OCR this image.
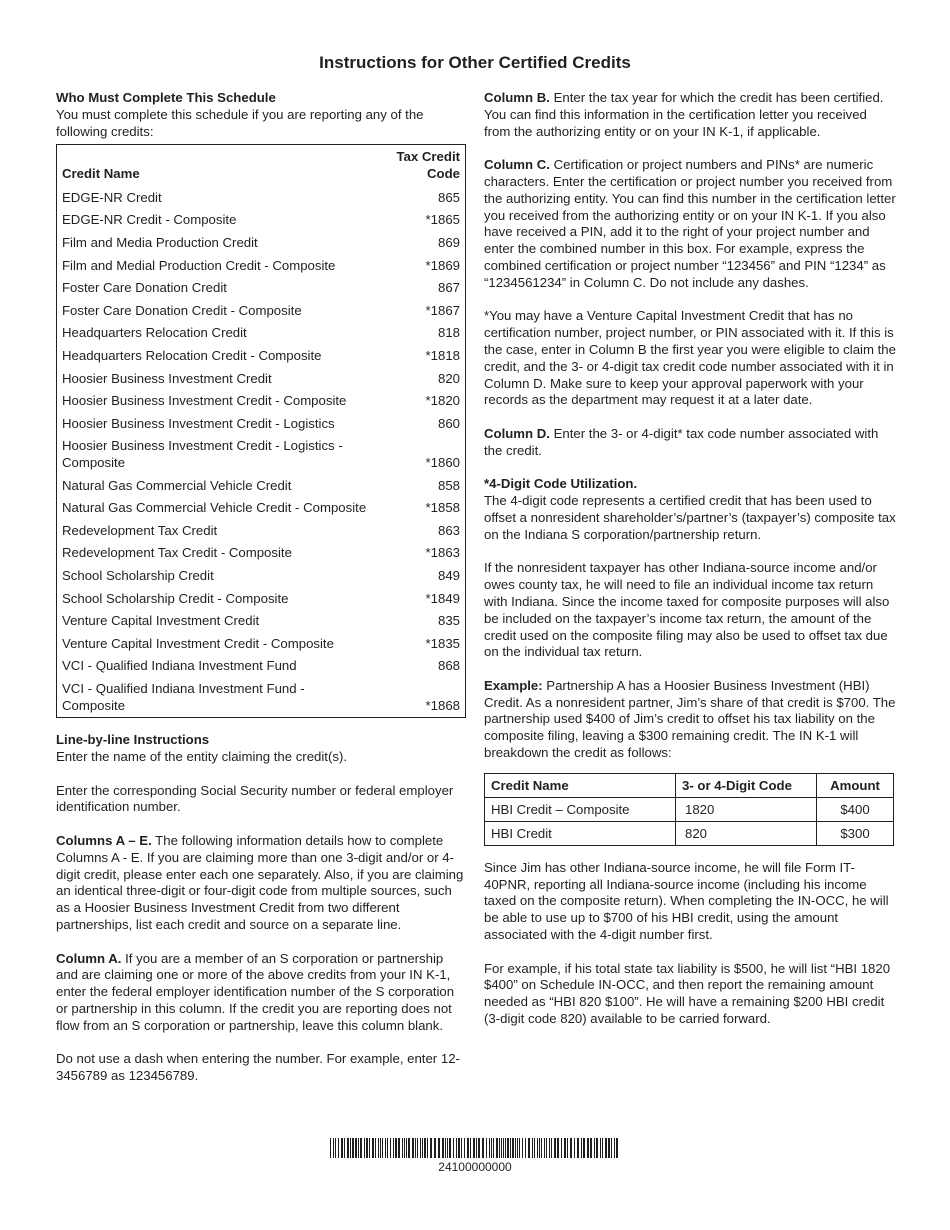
Instructions for Other Certified Credits

Who Must Complete This Schedule

You must complete this schedule if you are reporting any of the following credits:

Credit Name	Tax Credit Code
EDGE-NR Credit	865
EDGE-NR Credit - Composite	*1865
Film and Media Production Credit	869
Film and Medial Production Credit - Composite	*1869
Foster Care Donation Credit	867
Foster Care Donation Credit - Composite	*1867
Headquarters Relocation Credit	818
Headquarters Relocation Credit - Composite	*1818
Hoosier Business Investment Credit	820
Hoosier Business Investment Credit - Composite	*1820
Hoosier Business Investment Credit - Logistics	860
Hoosier Business Investment Credit - Logistics - Composite	*1860
Natural Gas Commercial Vehicle Credit	858
Natural Gas Commercial Vehicle Credit - Composite	*1858
Redevelopment Tax Credit	863
Redevelopment Tax Credit - Composite	*1863
School Scholarship Credit	849
School Scholarship Credit - Composite	*1849
Venture Capital Investment Credit	835
Venture Capital Investment Credit - Composite	*1835
VCI - Qualified Indiana Investment Fund	868
VCI - Qualified Indiana Investment Fund - Composite	*1868

Line-by-line Instructions

Enter the name of the entity claiming the credit(s).

Enter the corresponding Social Security number or federal employer identification number.

Columns A – E. The following information details how to complete Columns A - E. If you are claiming more than one 3-digit and/or or 4-digit credit, please enter each one separately. Also, if you are claiming an identical three-digit or four-digit code from multiple sources, such as a Hoosier Business Investment Credit from two different partnerships, list each credit and source on a separate line.

Column A. If you are a member of an S corporation or partnership and are claiming one or more of the above credits from your IN K-1, enter the federal employer identification number of the S corporation or partnership in this column. If the credit you are reporting does not flow from an S corporation or partnership, leave this column blank.

Do not use a dash when entering the number. For example, enter 12-3456789 as 123456789.

Column B. Enter the tax year for which the credit has been certified. You can find this information in the certification letter you received from the authorizing entity or on your IN K-1, if applicable.

Column C. Certification or project numbers and PINs* are numeric characters. Enter the certification or project number you received from the authorizing entity. You can find this number in the certification letter you received from the authorizing entity or on your IN K-1. If you also have received a PIN, add it to the right of your project number and enter the combined number in this box. For example, express the combined certification or project number “123456” and PIN “1234” as “1234561234” in Column C. Do not include any dashes.

*You may have a Venture Capital Investment Credit that has no certification number, project number, or PIN associated with it. If this is the case, enter in Column B the first year you were eligible to claim the credit, and the 3- or 4-digit tax credit code number associated with it in Column D. Make sure to keep your approval paperwork with your records as the department may request it at a later date.

Column D. Enter the 3- or 4-digit* tax code number associated with the credit.

*4-Digit Code Utilization.

The 4-digit code represents a certified credit that has been used to offset a nonresident shareholder’s/partner’s (taxpayer’s) composite tax on the Indiana S corporation/partnership return.

If the nonresident taxpayer has other Indiana-source income and/or owes county tax, he will need to file an individual income tax return with Indiana. Since the income taxed for composite purposes will also be included on the taxpayer’s income tax return, the amount of the credit used on the composite filing may also be used to offset tax due on the individual tax return.

Example: Partnership A has a Hoosier Business Investment (HBI) Credit. As a nonresident partner, Jim’s share of that credit is $700. The partnership used $400 of Jim’s credit to offset his tax liability on the composite filing, leaving a $300 remaining credit. The IN K-1 will breakdown the credit as follows:

Credit Name	3- or 4-Digit Code	Amount
HBI Credit – Composite	1820	$400
HBI Credit	820	$300

Since Jim has other Indiana-source income, he will file Form IT-40PNR, reporting all Indiana-source income (including his income taxed on the composite return). When completing the IN-OCC, he will be able to use up to $700 of his HBI credit, using the amount associated with the 4-digit number first.

For example, if his total state tax liability is $500, he will list “HBI 1820 $400” on Schedule IN-OCC, and then report the remaining amount needed as “HBI 820 $100”. He will have a remaining $200 HBI credit (3-digit code 820) available to be carried forward.

24100000000
